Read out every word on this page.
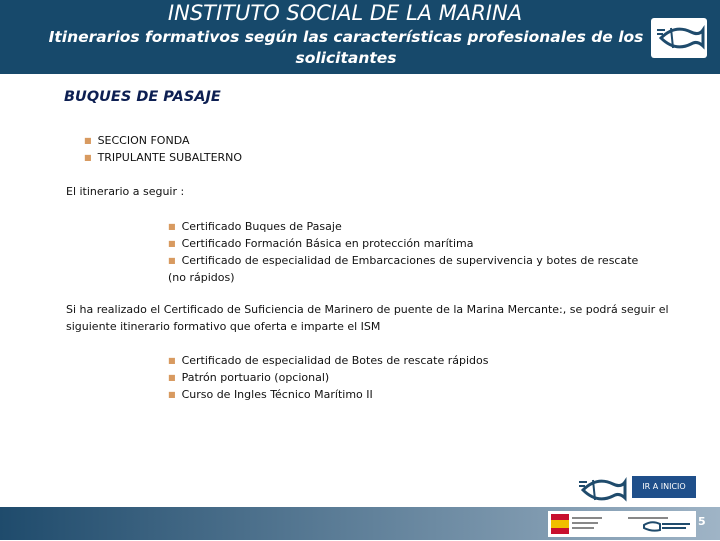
INSTITUTO SOCIAL DE LA MARINA
Itinerarios formativos según las características profesionales de los solicitantes
BUQUES DE PASAJE
■ SECCION FONDA
■ TRIPULANTE SUBALTERNO
El itinerario a seguir :
■ Certificado Buques de Pasaje
■ Certificado Formación Básica en protección marítima
■ Certificado de especialidad de Embarcaciones de supervivencia y botes de rescate
(no rápidos)
Si ha realizado el Certificado de Suficiencia de Marinero de puente de la Marina Mercante:, se podrá seguir el siguiente itinerario formativo que oferta e imparte el ISM
■ Certificado de especialidad de Botes de rescate rápidos
■ Patrón portuario (opcional)
■ Curso de Ingles Técnico Marítimo II
IR A INICIO
5
